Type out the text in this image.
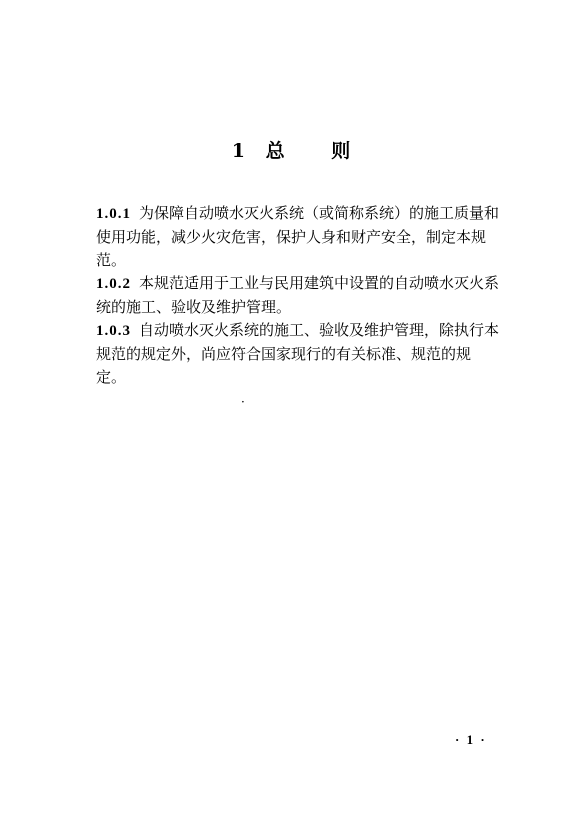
1 总 则

1.0.1 为保障自动喷水灭火系统（或简称系统）的施工质量和使用功能，减少火灾危害，保护人身和财产安全，制定本规范。

1.0.2 本规范适用于工业与民用建筑中设置的自动喷水灭火系统的施工、验收及维护管理。

1.0.3 自动喷水灭火系统的施工、验收及维护管理，除执行本规范的规定外，尚应符合国家现行的有关标准、规范的规定。

·
· 1 ·
